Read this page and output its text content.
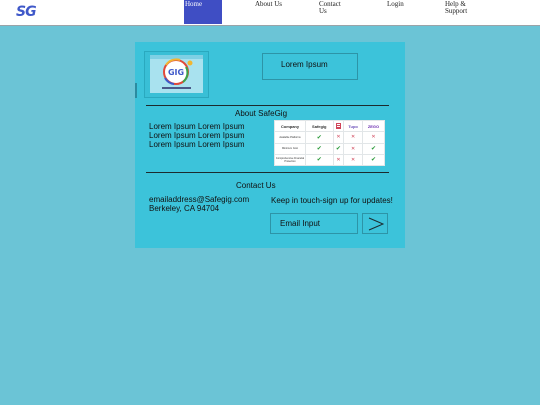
SG	Home	About Us	Contact Us
Login	Help & Support
GIG
Lorem Ipsum
About SafeGig
Lorem Ipsum Lorem Ipsum
Lorem Ipsum Lorem Ipsum
Lorem Ipsum Lorem Ipsum
Company	Safegig		Tupo	ZEGO
Available Platforms	✔	✕	✕	✕
Minimum Cost	✔	✔	✕	✔
Comprehensive Financial Protection	✔	✕	✕	✔
Contact Us
emailaddress@Safegig.com
Berkeley, CA 94704
Keep in touch-sign up for updates!
Email Input
